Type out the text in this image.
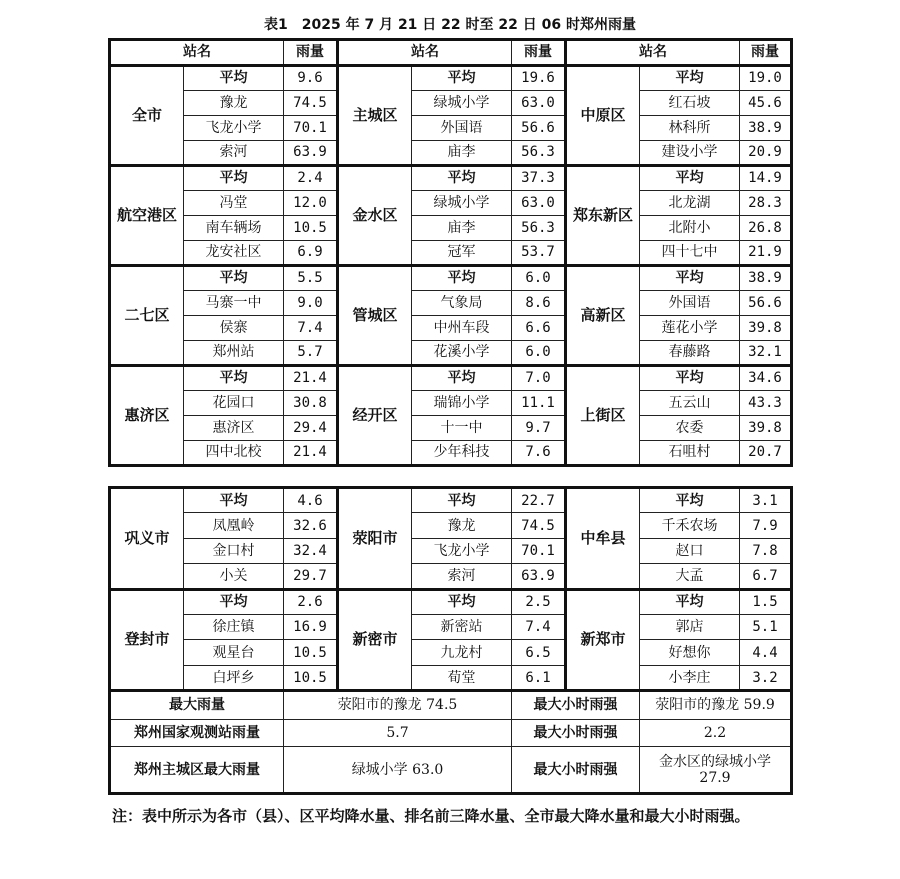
表1　2025 年 7 月 21 日 22 时至 22 日 06 时郑州雨量
站名		雨量	站名		雨量	站名		雨量
全市	平均	9.6	主城区	平均	19.6	中原区	平均	19.0
	豫龙	74.5		绿城小学	63.0		红石坡	45.6
	飞龙小学	70.1		外国语	56.6		林科所	38.9
	索河	63.9		庙李	56.3		建设小学	20.9
航空港区	平均	2.4	金水区	平均	37.3	郑东新区	平均	14.9
	冯堂	12.0		绿城小学	63.0		北龙湖	28.3
	南车辆场	10.5		庙李	56.3		北附小	26.8
	龙安社区	6.9		冠军	53.7		四十七中	21.9
二七区	平均	5.5	管城区	平均	6.0	高新区	平均	38.9
	马寨一中	9.0		气象局	8.6		外国语	56.6
	侯寨	7.4		中州车段	6.6		莲花小学	39.8
	郑州站	5.7		花溪小学	6.0		春藤路	32.1
惠济区	平均	21.4	经开区	平均	7.0	上街区	平均	34.6
	花园口	30.8		瑞锦小学	11.1		五云山	43.3
	惠济区	29.4		十一中	9.7		农委	39.8
	四中北校	21.4		少年科技	7.6		石咀村	20.7
巩义市	平均	4.6	荥阳市	平均	22.7	中牟县	平均	3.1
	凤凰岭	32.6		豫龙	74.5		千禾农场	7.9
	金口村	32.4		飞龙小学	70.1		赵口	7.8
	小关	29.7		索河	63.9		大孟	6.7
登封市	平均	2.6	新密市	平均	2.5	新郑市	平均	1.5
	徐庄镇	16.9		新密站	7.4		郭店	5.1
	观星台	10.5		九龙村	6.5		好想你	4.4
	白坪乡	10.5		荀堂	6.1		小李庄	3.2
最大雨量		荥阳市的豫龙 74.5			最大小时雨强		荥阳市的豫龙 59.9	
郑州国家观测站雨量		5.7			最大小时雨强		2.2	
郑州主城区最大雨量		绿城小学 63.0			最大小时雨强		金水区的绿城小学
27.9	
注：表中所示为各市（县）、区平均降水量、排名前三降水量、全市最大降水量和最大小时雨强。
